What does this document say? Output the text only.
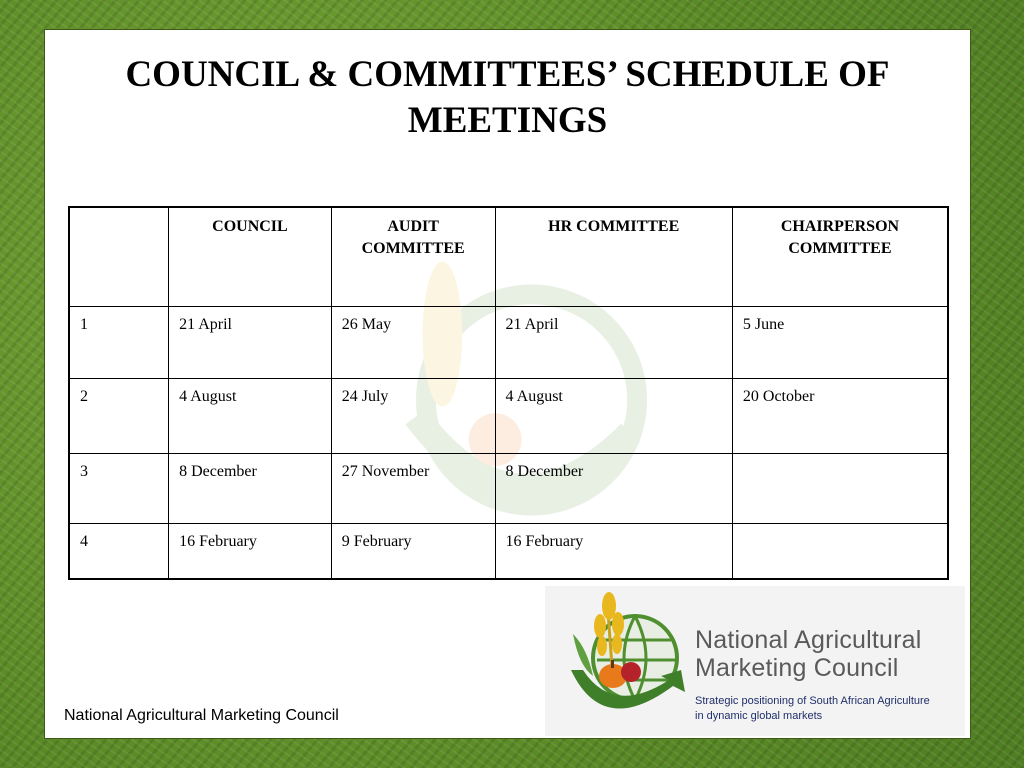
COUNCIL & COMMITTEES’ SCHEDULE OF MEETINGS
	COUNCIL	AUDIT COMMITTEE	HR COMMITTEE	CHAIRPERSON COMMITTEE
1	21 April	26 May	21 April	5 June
2	4 August	24 July	4 August	20 October
3	8 December	27 November	8 December	
4	16 February	9 February	16 February	
National Agricultural Marketing Council
National Agricultural
Marketing Council
Strategic positioning of South African Agriculture
in dynamic global markets
